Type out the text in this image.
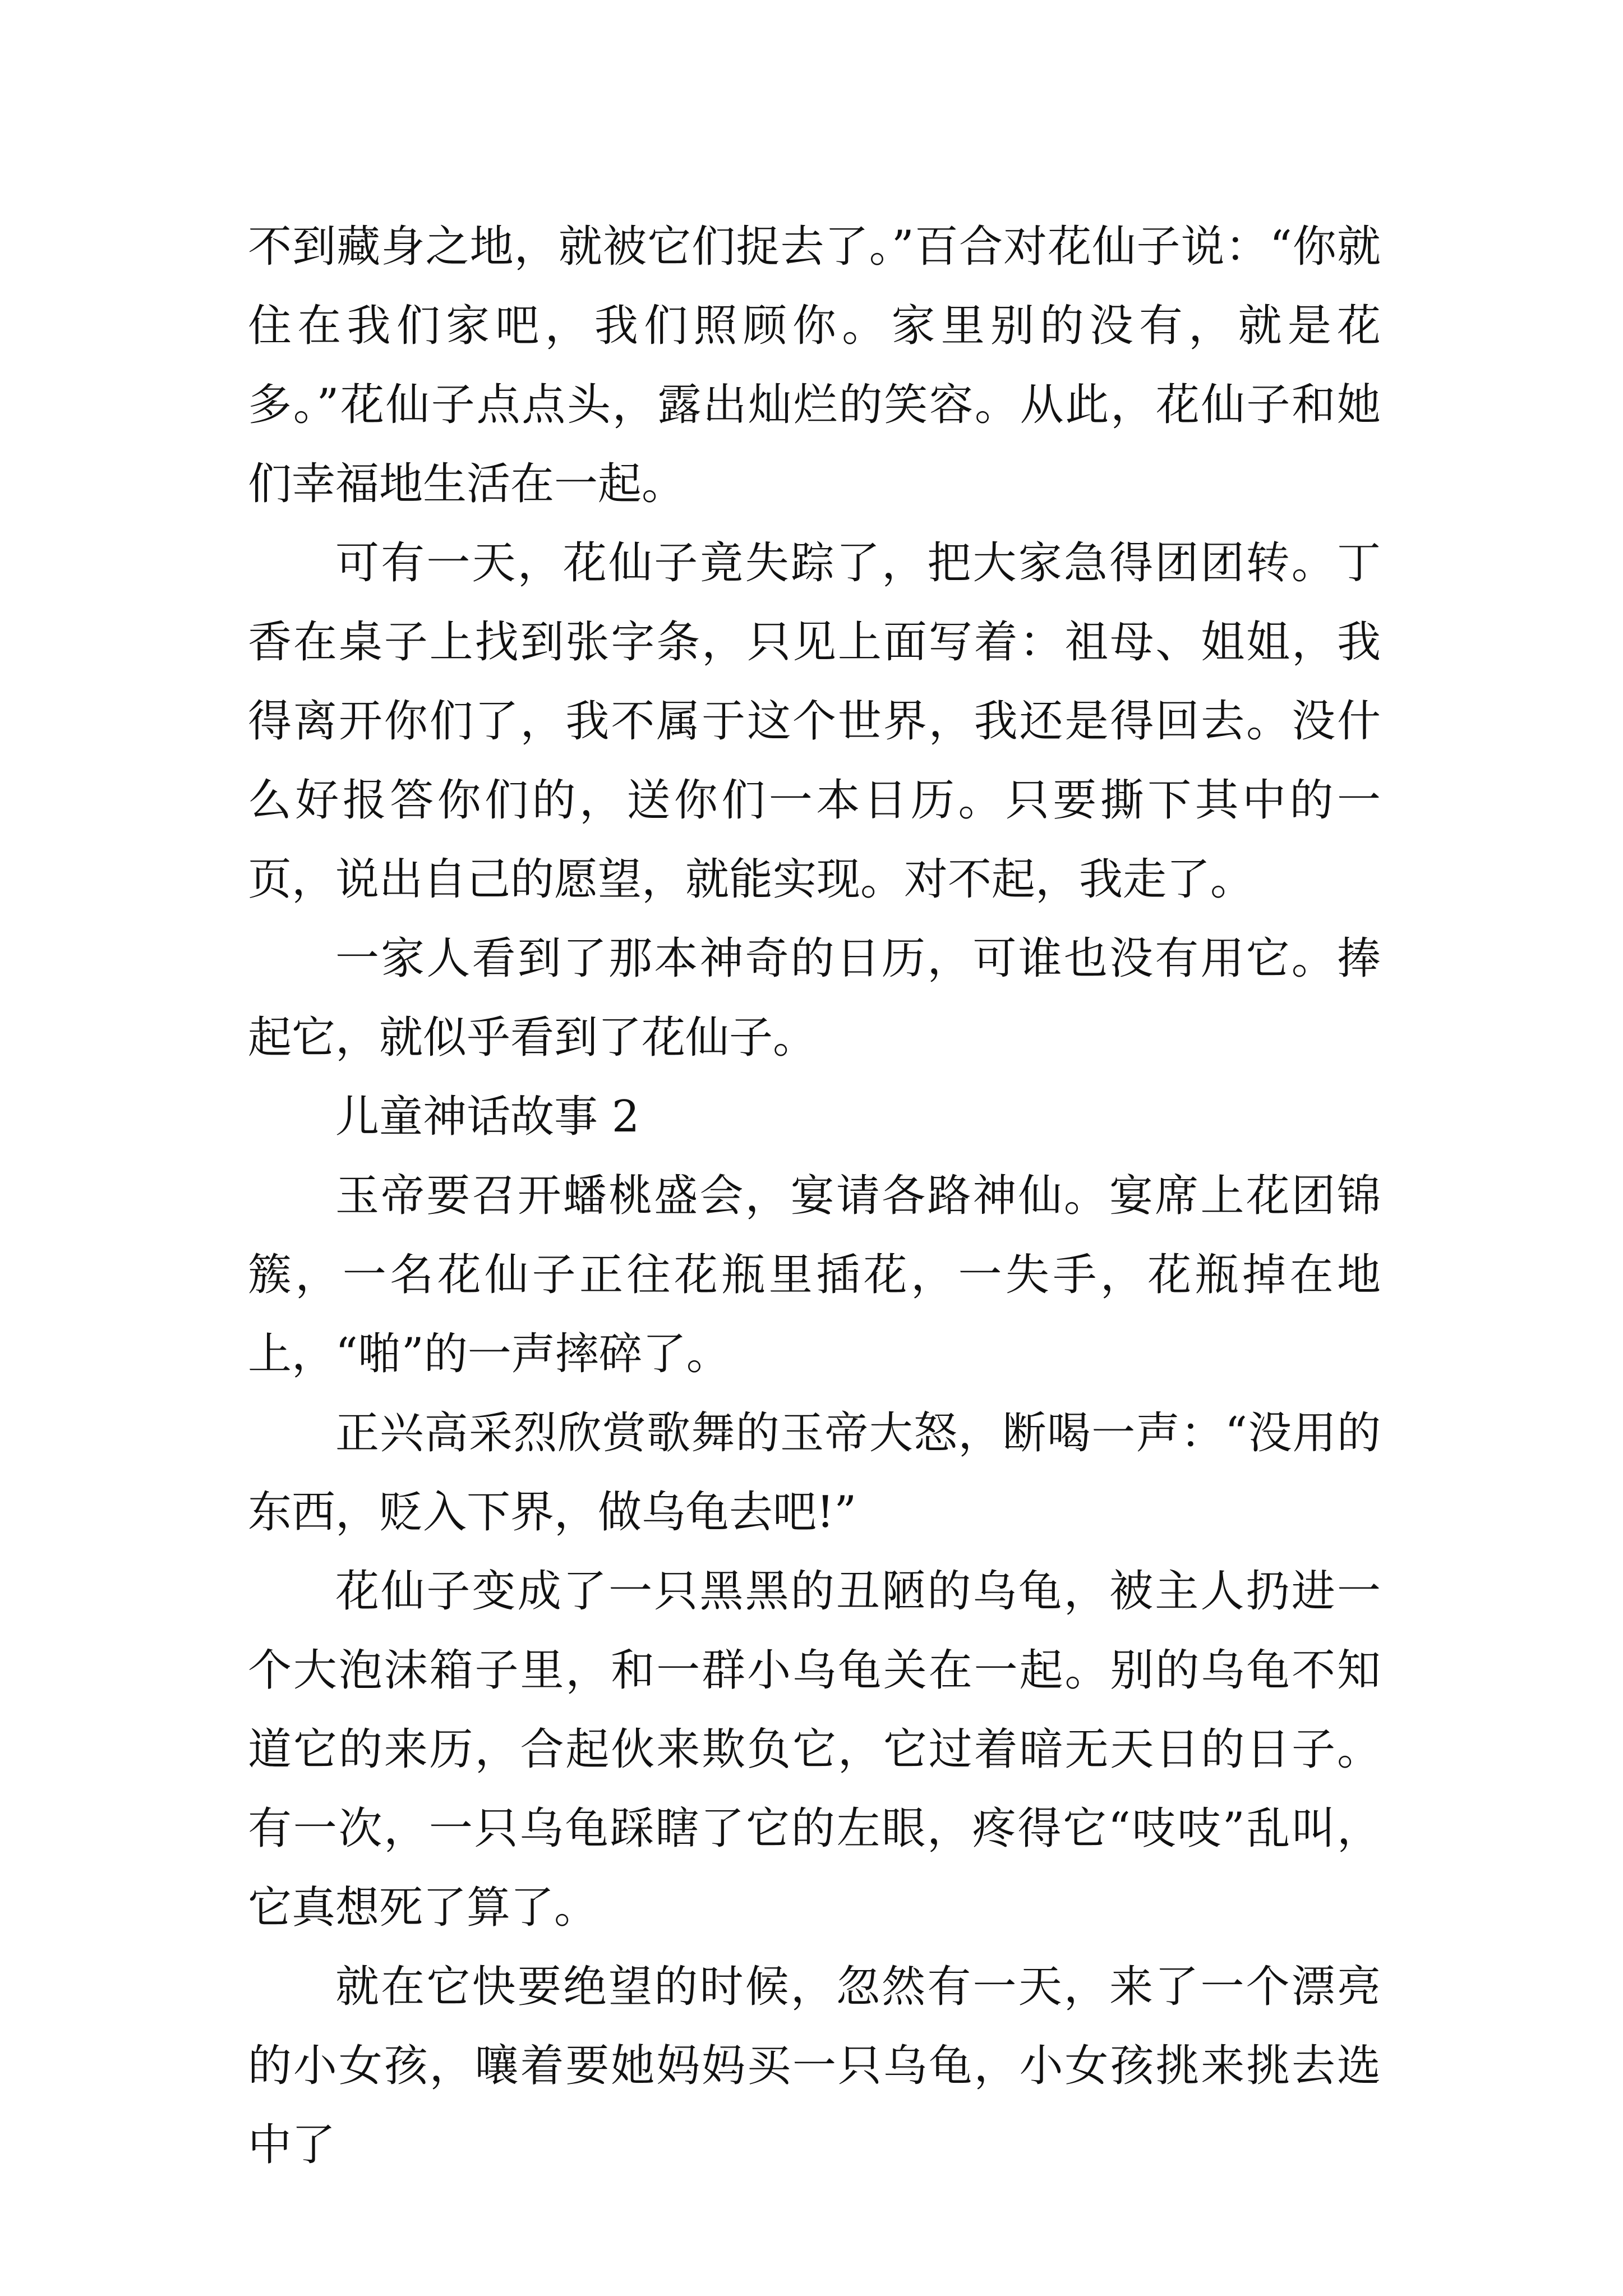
不到藏身之地，就被它们捉去了。”百合对花仙子说：“你就住在我们家吧，我们照顾你。家里别的没有，就是花多。”花仙子点点头，露出灿烂的笑容。从此，花仙子和她们幸福地生活在一起。

可有一天，花仙子竟失踪了，把大家急得团团转。丁香在桌子上找到张字条，只见上面写着：祖母、姐姐，我得离开你们了，我不属于这个世界，我还是得回去。没什么好报答你们的，送你们一本日历。只要撕下其中的一页，说出自己的愿望，就能实现。对不起，我走了。

一家人看到了那本神奇的日历，可谁也没有用它。捧起它，就似乎看到了花仙子。

儿童神话故事 2

玉帝要召开蟠桃盛会，宴请各路神仙。宴席上花团锦簇，一名花仙子正往花瓶里插花，一失手，花瓶掉在地上，“啪”的一声摔碎了。

正兴高采烈欣赏歌舞的玉帝大怒，断喝一声：“没用的东西，贬入下界，做乌龟去吧!”

花仙子变成了一只黑黑的丑陋的乌龟，被主人扔进一个大泡沫箱子里，和一群小乌龟关在一起。别的乌龟不知道它的来历，合起伙来欺负它，它过着暗无天日的日子。有一次，一只乌龟踩瞎了它的左眼，疼得它“吱吱”乱叫，它真想死了算了。

就在它快要绝望的时候，忽然有一天，来了一个漂亮的小女孩，嚷着要她妈妈买一只乌龟，小女孩挑来挑去选中了
